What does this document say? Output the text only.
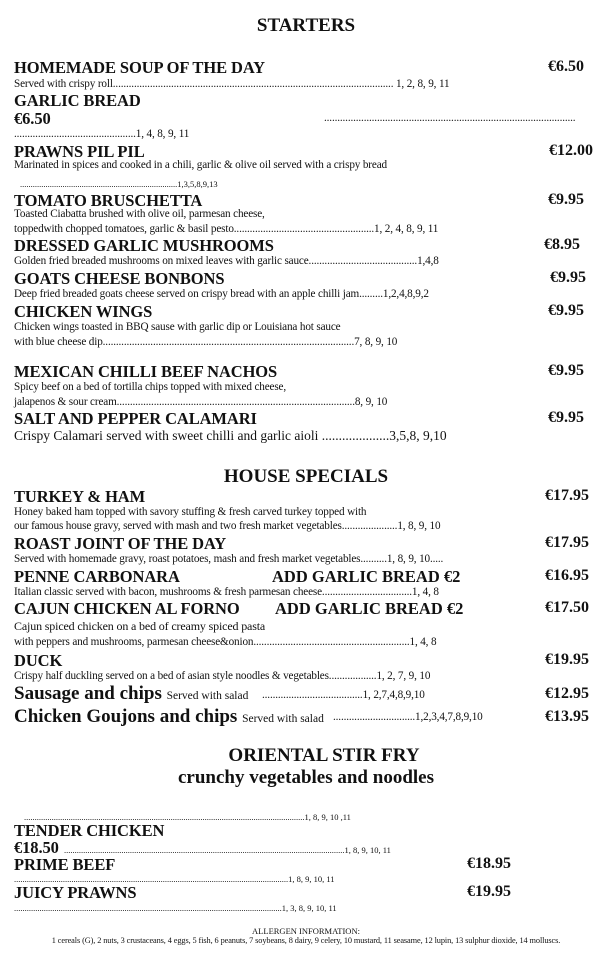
STARTERS
HOMEMADE SOUP OF THE DAY	€6.50
Served with crispy roll.......................................................................................................... 1, 2, 8, 9, 11
GARLIC BREAD
€6.50	...............................................................................................
..............................................1, 4, 8, 9, 11
PRAWNS PIL PIL	€12.00
Marinated in spices and cooked in a chili, garlic & olive oil served with a crispy bread
..........................................................................1,3,5,8,9,13
TOMATO BRUSCHETTA	€9.95
Toasted Ciabatta brushed with olive oil, parmesan cheese,
toppedwith chopped tomatoes, garlic & basil pesto.....................................................1, 2, 4, 8, 9, 11
DRESSED GARLIC MUSHROOMS	€8.95
Golden fried breaded mushrooms on mixed leaves with garlic sauce.........................................1,4,8
GOATS CHEESE BONBONS	€9.95
Deep fried breaded goats cheese served on crispy bread with an apple chilli jam.........1,2,4,8,9,2
CHICKEN WINGS	€9.95
Chicken wings toasted in BBQ sause with garlic dip or Louisiana hot sauce
with blue cheese dip...............................................................................................7, 8, 9, 10
MEXICAN CHILLI BEEF NACHOS	€9.95
Spicy beef on a bed of tortilla chips topped with mixed cheese,
jalapenos & sour cream..........................................................................................8, 9, 10
SALT AND PEPPER CALAMARI	€9.95
Crispy Calamari served with sweet chilli and garlic aioli ....................3,5,8, 9,10
HOUSE SPECIALS
TURKEY & HAM	€17.95
Honey baked ham topped with savory stuffing & fresh carved turkey topped with
our famous house gravy, served with mash and two fresh market vegetables.....................1, 8, 9, 10
ROAST JOINT OF THE DAY	€17.95
Served with homemade gravy, roast potatoes, mash and fresh market vegetables..........1, 8, 9, 10.....
PENNE CARBONARA	ADD GARLIC BREAD €2	€16.95
Italian classic served with bacon, mushrooms & fresh parmesan cheese..................................1, 4, 8
CAJUN CHICKEN AL FORNO ADD GARLIC BREAD €2	€17.50
Cajun spiced chicken on a bed of creamy spiced pasta
with peppers and mushrooms, parmesan cheese&onion...........................................................1, 4, 8
DUCK	€19.95
Crispy half duckling served on a bed of asian style noodles & vegetables..................1, 2, 7, 9, 10
Sausage and chips Served with salad ......................................1, 2,7,4,8,9,10	€12.95
Chicken Goujons and chips Served with salad ...............................1,2,3,4,7,8,9,10	€13.95
ORIENTAL STIR FRY
crunchy vegetables and noodles
....................................................................................................................................1, 8, 9, 10 ,11
TENDER CHICKEN
€18.50 ....................................................................................................................................1, 8, 9, 10, 11
PRIME BEEF	€18.95
.................................................................................................................................1, 8, 9, 10, 11
JUICY PRAWNS	€19.95
..............................................................................................................................1, 3, 8, 9, 10, 11
ALLERGEN INFORMATION:
1 cereals (G), 2 nuts, 3 crustaceans, 4 eggs, 5 fish, 6 peanuts, 7 soybeans, 8 dairy, 9 celery, 10 mustard, 11 seasame, 12 lupin, 13 sulphur dioxide, 14 molluscs.
